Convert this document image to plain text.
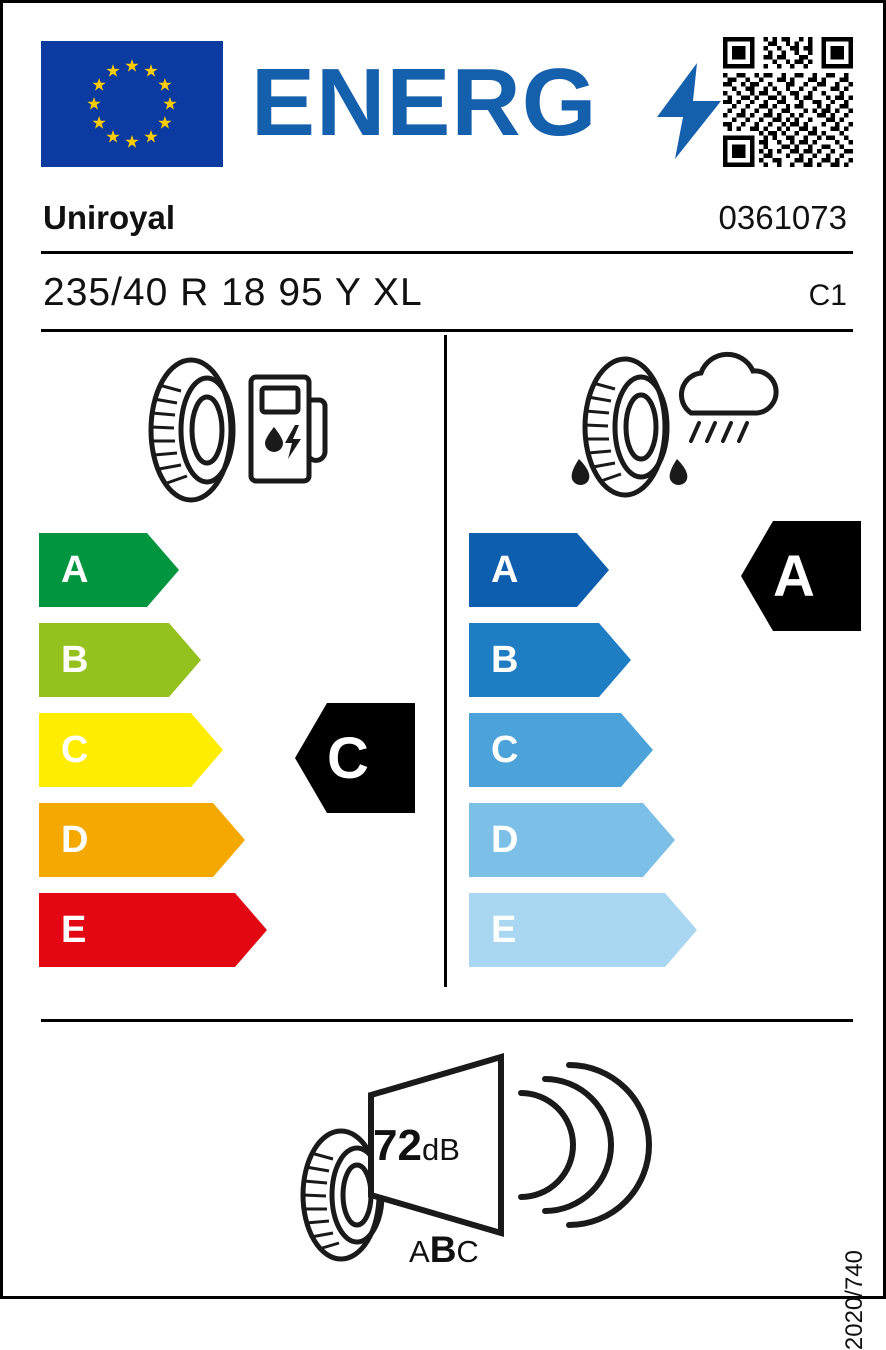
ENERG
Uniroyal	0361073
235/40 R 18 95 Y XL	C1
A
B
C
D
E
A
B
C
D
E
C
A
72dB
ABC	2020/740
